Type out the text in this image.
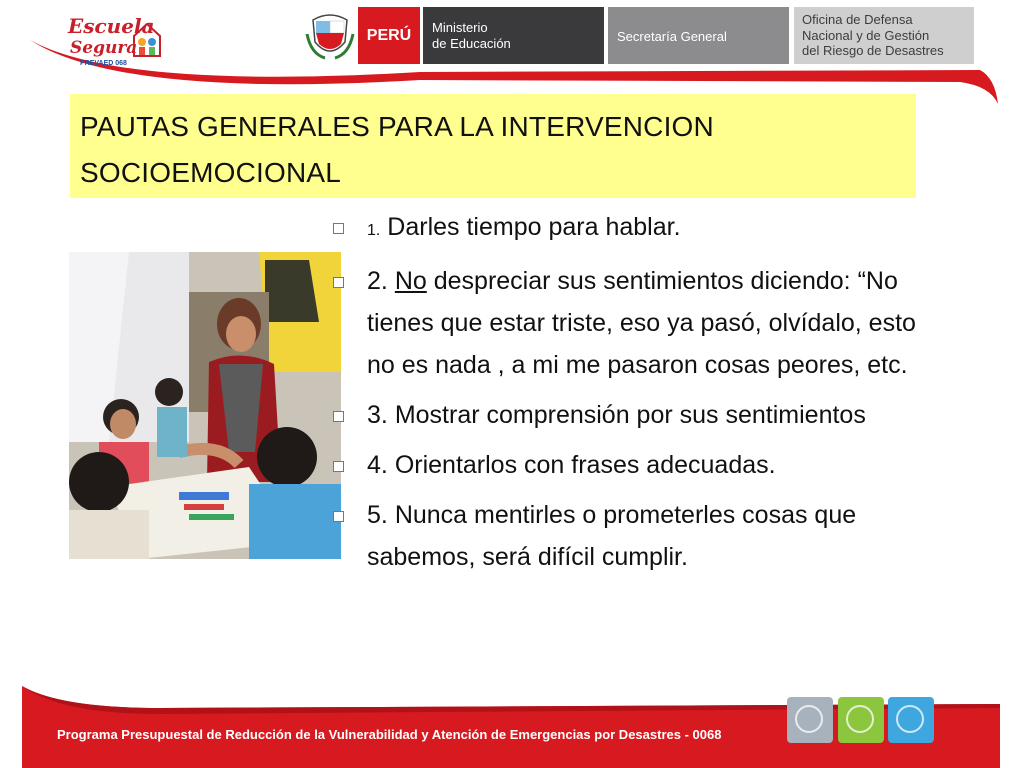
Escuela
Segura
PREVAED 068
PERÚ	Ministerio
de Educación	Secretaría General
Oficina de Defensa
Nacional y de Gestión
del Riesgo de Desastres
PAUTAS GENERALES PARA LA INTERVENCION
SOCIOEMOCIONAL
1. Darles tiempo para hablar.
2. No despreciar sus sentimientos diciendo: “No tienes que estar triste, eso ya pasó, olvídalo, esto no es nada , a mi me pasaron cosas peores, etc.
3. Mostrar comprensión por sus sentimientos
4. Orientarlos con frases adecuadas.
5. Nunca mentirles o prometerles cosas que sabemos, será difícil cumplir.
Programa Presupuestal de Reducción de la Vulnerabilidad y Atención de Emergencias por Desastres - 0068
